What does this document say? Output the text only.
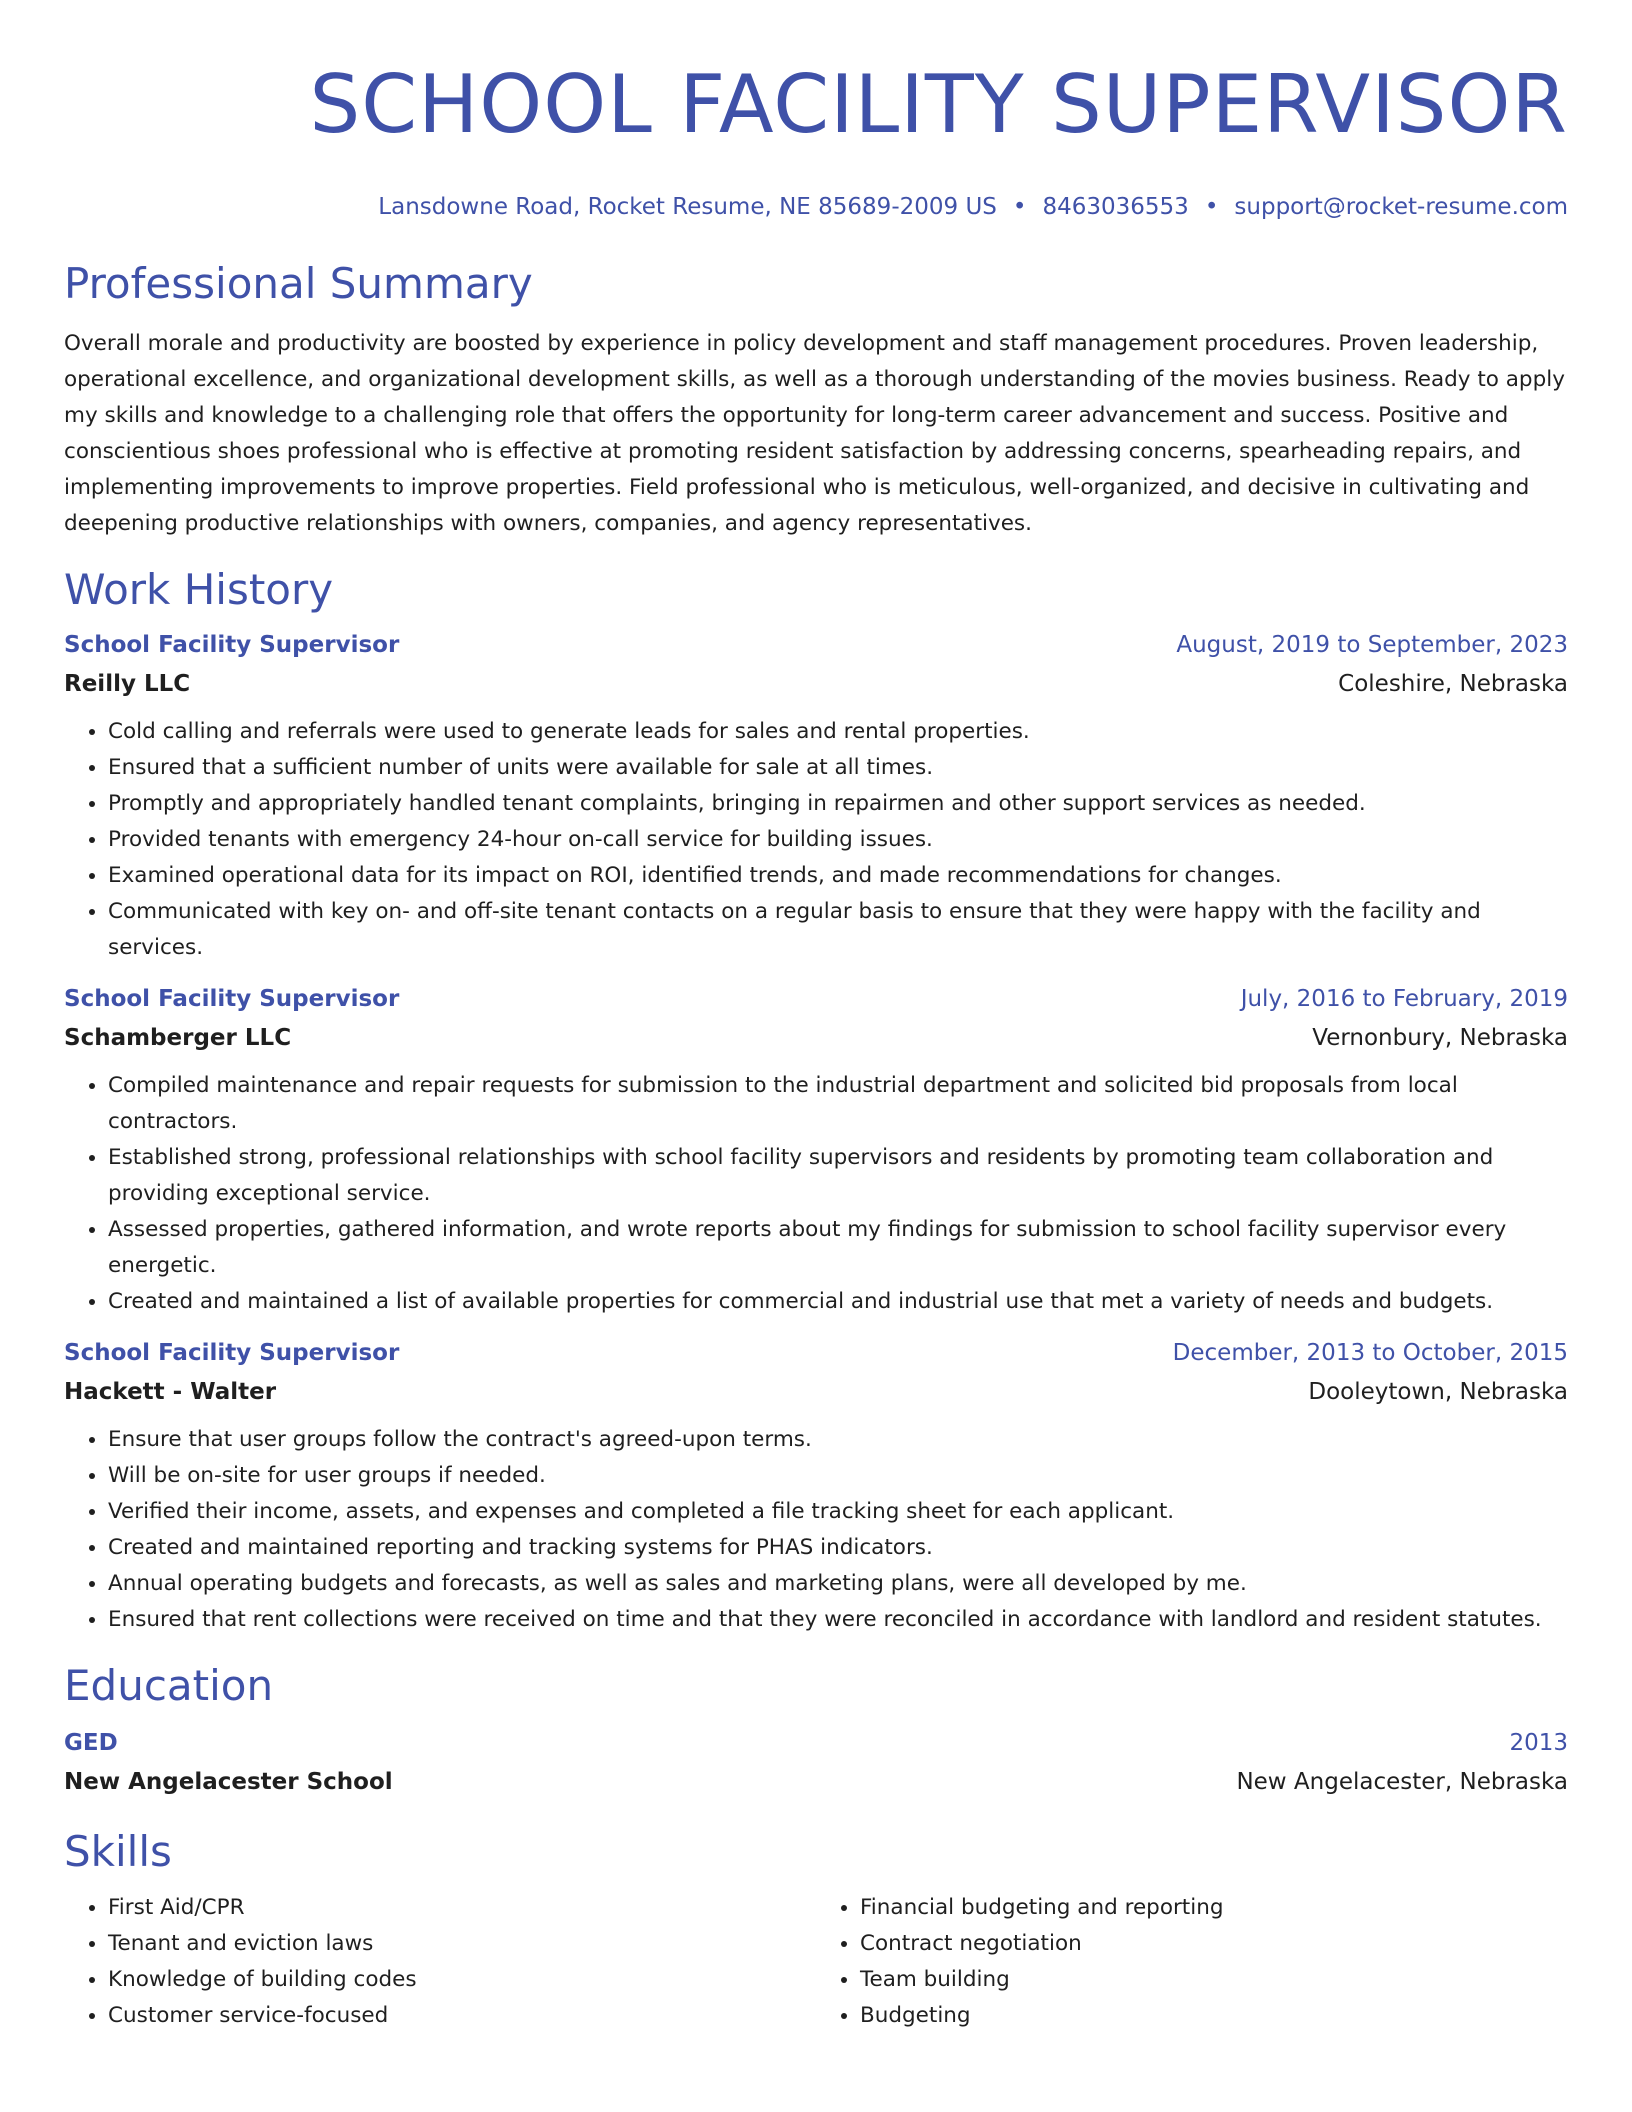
SCHOOL FACILITY SUPERVISOR
Lansdowne Road, Rocket Resume, NE 85689-2009 US • 8463036553 • support@rocket-resume.com
Professional Summary
Overall morale and productivity are boosted by experience in policy development and staff management procedures. Proven leadership, operational excellence, and organizational development skills, as well as a thorough understanding of the movies business. Ready to apply my skills and knowledge to a challenging role that offers the opportunity for long-term career advancement and success. Positive and conscientious shoes professional who is effective at promoting resident satisfaction by addressing concerns, spearheading repairs, and implementing improvements to improve properties. Field professional who is meticulous, well-organized, and decisive in cultivating and deepening productive relationships with owners, companies, and agency representatives.
Work History
School Facility Supervisor	August, 2019 to September, 2023
Reilly LLC	Coleshire, Nebraska
• Cold calling and referrals were used to generate leads for sales and rental properties.
• Ensured that a sufficient number of units were available for sale at all times.
• Promptly and appropriately handled tenant complaints, bringing in repairmen and other support services as needed.
• Provided tenants with emergency 24-hour on-call service for building issues.
• Examined operational data for its impact on ROI, identified trends, and made recommendations for changes.
• Communicated with key on- and off-site tenant contacts on a regular basis to ensure that they were happy with the facility and services.
School Facility Supervisor	July, 2016 to February, 2019
Schamberger LLC	Vernonbury, Nebraska
• Compiled maintenance and repair requests for submission to the industrial department and solicited bid proposals from local contractors.
• Established strong, professional relationships with school facility supervisors and residents by promoting team collaboration and providing exceptional service.
• Assessed properties, gathered information, and wrote reports about my findings for submission to school facility supervisor every energetic.
• Created and maintained a list of available properties for commercial and industrial use that met a variety of needs and budgets.
School Facility Supervisor	December, 2013 to October, 2015
Hackett - Walter	Dooleytown, Nebraska
• Ensure that user groups follow the contract's agreed-upon terms.
• Will be on-site for user groups if needed.
• Verified their income, assets, and expenses and completed a file tracking sheet for each applicant.
• Created and maintained reporting and tracking systems for PHAS indicators.
• Annual operating budgets and forecasts, as well as sales and marketing plans, were all developed by me.
• Ensured that rent collections were received on time and that they were reconciled in accordance with landlord and resident statutes.
Education
GED	2013
New Angelacester School	New Angelacester, Nebraska
Skills
• First Aid/CPR
• Tenant and eviction laws
• Knowledge of building codes
• Customer service-focused
• Financial budgeting and reporting
• Contract negotiation
• Team building
• Budgeting
